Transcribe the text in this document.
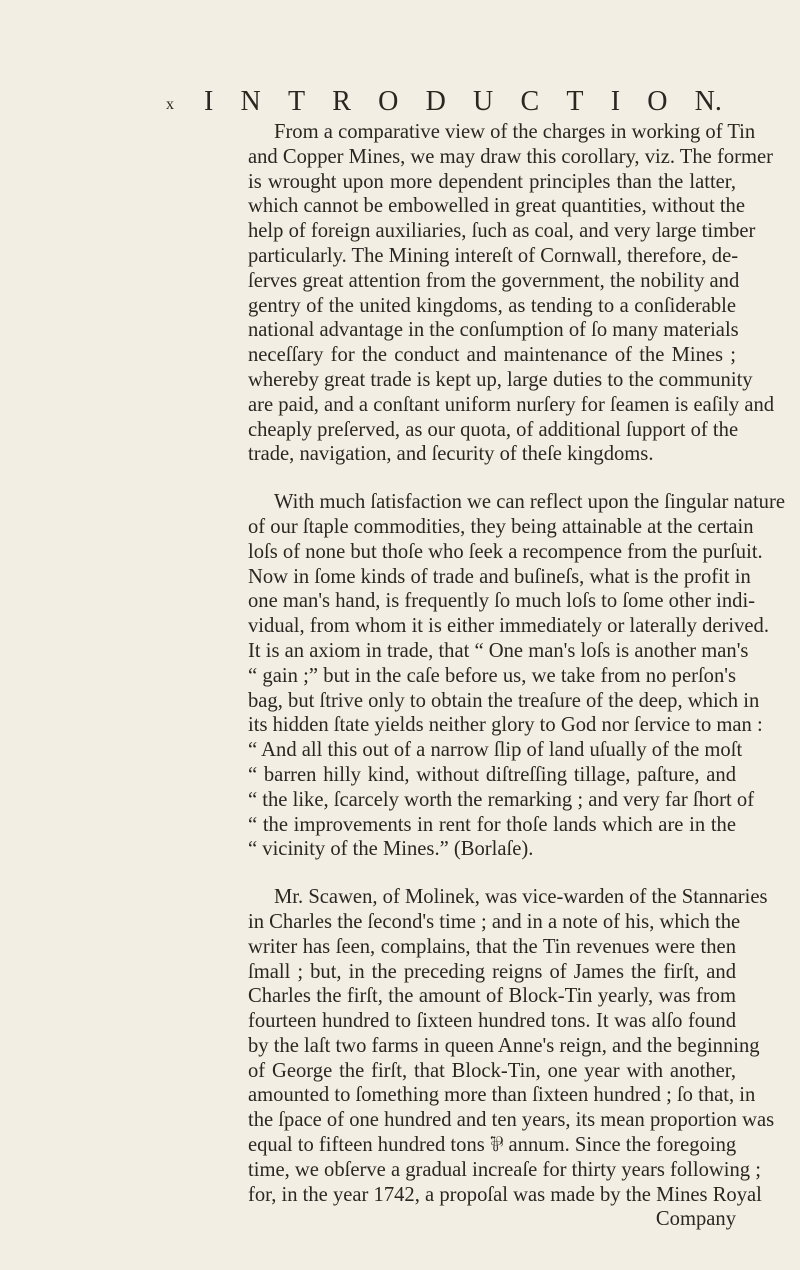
x I N T R O D U C T I O N.
From a comparative view of the charges in working of Tin
and Copper Mines, we may draw this corollary, viz. The former
is wrought upon more dependent principles than the latter,
which cannot be embowelled in great quantities, without the
help of foreign auxiliaries, ſuch as coal, and very large timber
particularly. The Mining intereſt of Cornwall, therefore, de-
ſerves great attention from the government, the nobility and
gentry of the united kingdoms, as tending to a conſiderable
national advantage in the conſumption of ſo many materials
neceſſary for the conduct and maintenance of the Mines ;
whereby great trade is kept up, large duties to the community
are paid, and a conſtant uniform nurſery for ſeamen is eaſily and
cheaply preſerved, as our quota, of additional ſupport of the
trade, navigation, and ſecurity of theſe kingdoms.
With much ſatisfaction we can reflect upon the ſingular nature
of our ſtaple commodities, they being attainable at the certain
loſs of none but thoſe who ſeek a recompence from the purſuit.
Now in ſome kinds of trade and buſineſs, what is the profit in
one man's hand, is frequently ſo much loſs to ſome other indi-
vidual, from whom it is either immediately or laterally derived.
It is an axiom in trade, that “ One man's loſs is another man's
“ gain ;” but in the caſe before us, we take from no perſon's
bag, but ſtrive only to obtain the treaſure of the deep, which in
its hidden ſtate yields neither glory to God nor ſervice to man :
“ And all this out of a narrow ſlip of land uſually of the moſt
“ barren hilly kind, without diſtreſſing tillage, paſture, and
“ the like, ſcarcely worth the remarking ; and very far ſhort of
“ the improvements in rent for thoſe lands which are in the
“ vicinity of the Mines.” (Borlaſe).
Mr. Scawen, of Molinek, was vice-warden of the Stannaries
in Charles the ſecond's time ; and in a note of his, which the
writer has ſeen, complains, that the Tin revenues were then
ſmall ; but, in the preceding reigns of James the firſt, and
Charles the firſt, the amount of Block-Tin yearly, was from
fourteen hundred to ſixteen hundred tons. It was alſo found
by the laſt two farms in queen Anne's reign, and the beginning
of George the firſt, that Block-Tin, one year with another,
amounted to ſomething more than ſixteen hundred ; ſo that, in
the ſpace of one hundred and ten years, its mean proportion was
equal to fifteen hundred tons ⅌ annum. Since the foregoing
time, we obſerve a gradual increaſe for thirty years following ;
for, in the year 1742, a propoſal was made by the Mines Royal
Company
